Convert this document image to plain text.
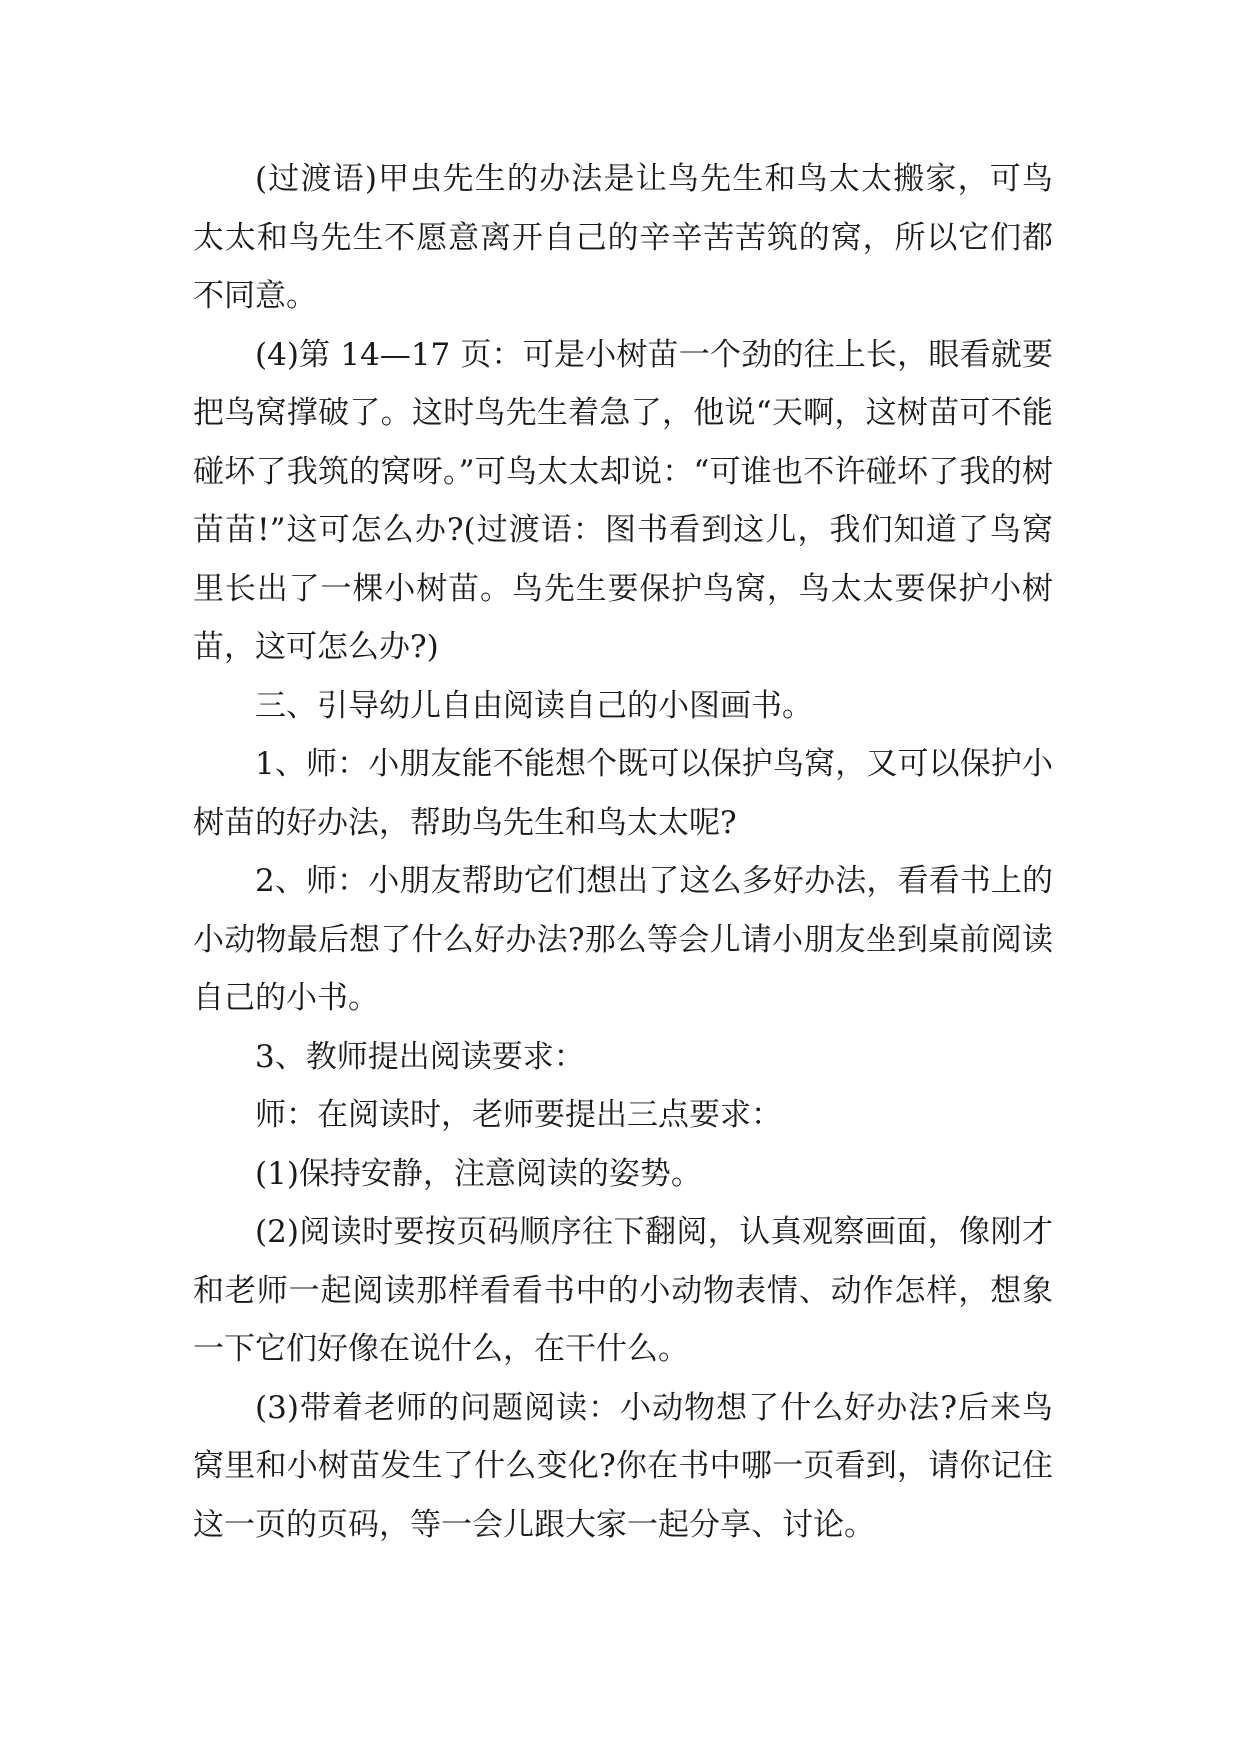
(过渡语)甲虫先生的办法是让鸟先生和鸟太太搬家，可鸟太太和鸟先生不愿意离开自己的辛辛苦苦筑的窝，所以它们都不同意。

(4)第 14—17 页：可是小树苗一个劲的往上长，眼看就要把鸟窝撑破了。这时鸟先生着急了，他说“天啊，这树苗可不能碰坏了我筑的窝呀。”可鸟太太却说：“可谁也不许碰坏了我的树苗苗!”这可怎么办?(过渡语：图书看到这儿，我们知道了鸟窝里长出了一棵小树苗。鸟先生要保护鸟窝，鸟太太要保护小树苗，这可怎么办?)

三、引导幼儿自由阅读自己的小图画书。

1、师：小朋友能不能想个既可以保护鸟窝，又可以保护小树苗的好办法，帮助鸟先生和鸟太太呢?

2、师：小朋友帮助它们想出了这么多好办法，看看书上的小动物最后想了什么好办法?那么等会儿请小朋友坐到桌前阅读自己的小书。

3、教师提出阅读要求：

师：在阅读时，老师要提出三点要求：

(1)保持安静，注意阅读的姿势。

(2)阅读时要按页码顺序往下翻阅，认真观察画面，像刚才和老师一起阅读那样看看书中的小动物表情、动作怎样，想象一下它们好像在说什么，在干什么。

(3)带着老师的问题阅读：小动物想了什么好办法?后来鸟窝里和小树苗发生了什么变化?你在书中哪一页看到，请你记住这一页的页码，等一会儿跟大家一起分享、讨论。
